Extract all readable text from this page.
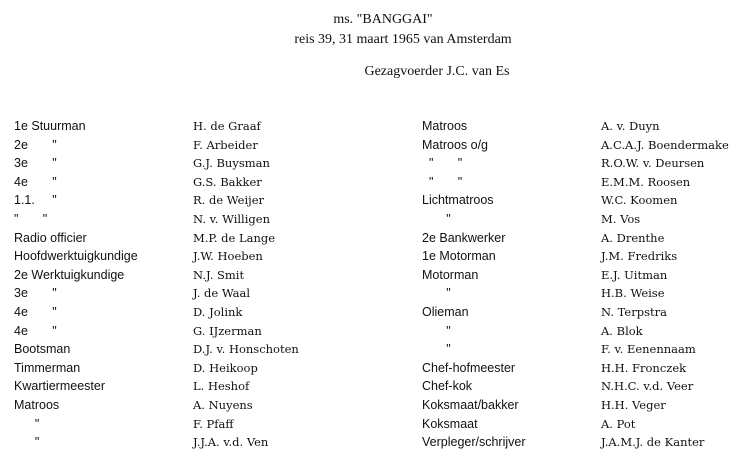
ms. "BANGGAI"
reis 39, 31 maart 1965 van Amsterdam
Gezagvoerder J.C. van Es
1e Stuurman
2e       "
3e       "
4e       "
1.1.     "
"       "
Radio officier
Hoofdwerktuigkundige
2e Werktuigkundige
3e       "
4e       "
4e       "
Bootsman
Timmerman
Kwartiermeester
Matroos
"
"
H. de Graaf
F. Arbeider
G.J. Buysman
G.S. Bakker
R. de Weijer
N. v. Willigen
M.P. de Lange
J.W. Hoeben
N.J. Smit
J. de Waal
D. Jolink
G. IJzerman
D.J. v. Honschoten
D. Heikoop
L. Heshof
A. Nuyens
F. Pfaff
J.J.A. v.d. Ven
Matroos
Matroos o/g
"       "
"       "
Lichtmatroos
"
2e Bankwerker
1e Motorman
Motorman
"
Olieman
"
"
Chef-hofmeester
Chef-kok
Koksmaat/bakker
Koksmaat
Verpleger/schrijver
A. v. Duyn
A.C.A.J. Boendermake
R.O.W. v. Deursen
E.M.M. Roosen
W.C. Koomen
M. Vos
A. Drenthe
J.M. Fredriks
E.J. Uitman
H.B. Weise
N. Terpstra
A. Blok
F. v. Eenennaam
H.H. Fronczek
N.H.C. v.d. Veer
H.H. Veger
A. Pot
J.A.M.J. de Kanter
